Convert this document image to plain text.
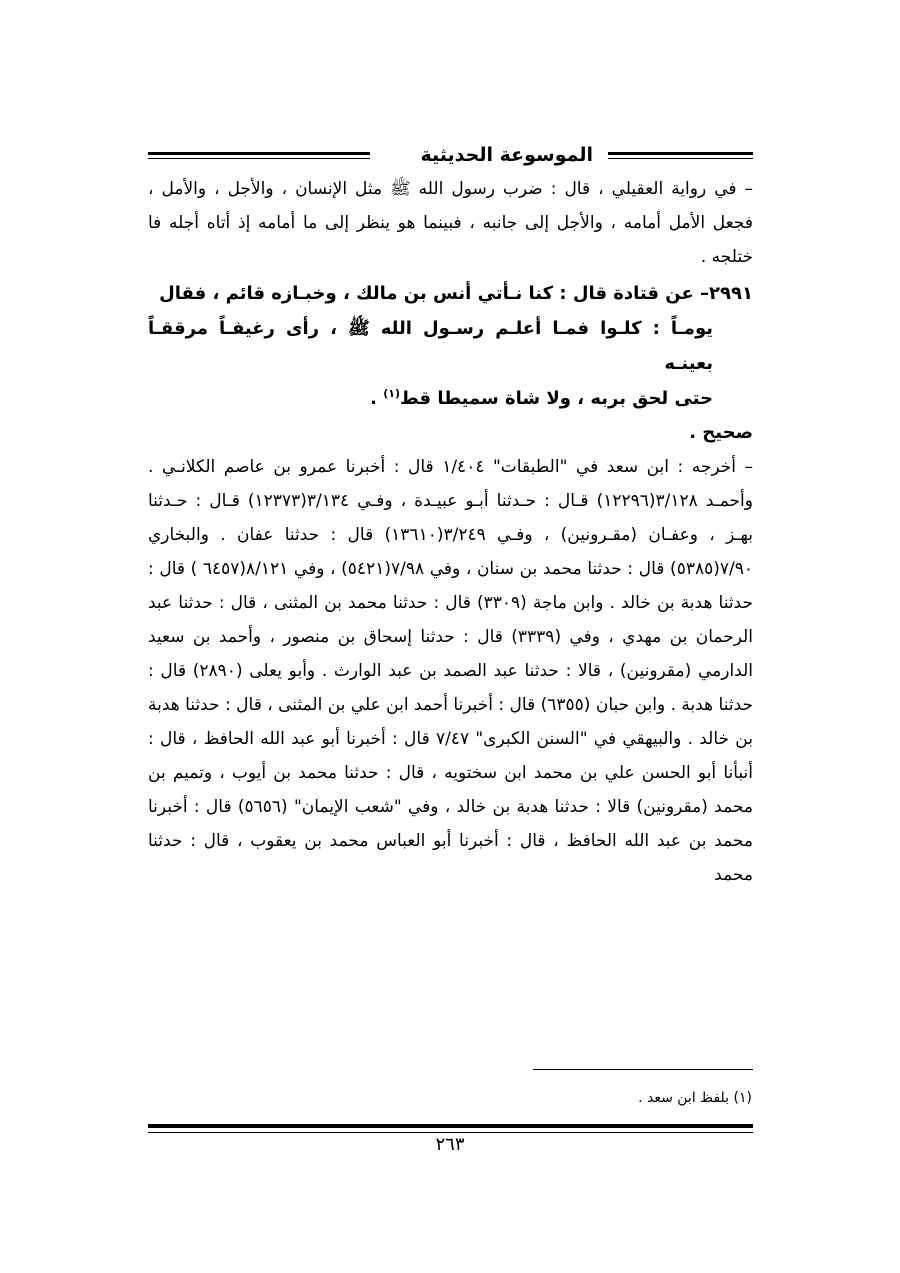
الموسوعة الحديثية

– في رواية العقيلي ، قال : ضرب رسول الله ﷺ مثل الإنسان ، والأجل ، والأمل ، فجعل الأمل أمامه ، والأجل إلى جانبه ، فبينما هو ينظر إلى ما أمامه إذ أتاه أجله فا ختلجه .

٢٩٩١– عن قتادة قال : كنا نـأتي أنس بن مالك ، وخبـازه قائم ، فقال
يومـاً : كلـوا فمـا أعلـم رسـول الله ﷺ ، رأى رغيفـاً مرققـاً بعينـه
حتى لحق بربه ، ولا شاة سميطا قط$^{(١)}$ .

صحيح .

– أخرجه : ابن سعد في "الطبقات" ١/٤٠٤ قال : أخبرنا عمرو بن عاصم الكلانـي . وأحمـد ٣/١٢٨(١٢٢٩٦) قـال : حـدثنا أبـو عبيـدة ، وفـي ٣/١٣٤(١٢٣٧٣) قـال : حـدثنا بهـز ، وعفـان (مقـرونين) ، وفـي ٣/٢٤٩(١٣٦١٠) قال : حدثنا عفان . والبخاري ٧/٩٠(٥٣٨٥) قال : حدثنا محمد بن سنان ، وفي ٧/٩٨(٥٤٢١) ، وفي ٨/١٢١(٦٤٥٧ ) قال : حدثنا هدبة بن خالد . وابن ماجة (٣٣٠٩) قال : حدثنا محمد بن المثنى ، قال : حدثنا عبد الرحمان بن مهدي ، وفي (٣٣٣٩) قال : حدثنا إسحاق بن منصور ، وأحمد بن سعيد الدارمي (مقرونين) ، قالا : حدثنا عبد الصمد بن عبد الوارث . وأبو يعلى (٢٨٩٠) قال : حدثنا هدبة . وابن حبان (٦٣٥٥) قال : أخبرنا أحمد ابن علي بن المثنى ، قال : حدثنا هدبة بن خالد . والبيهقي في "السنن الكبرى" ٧/٤٧ قال : أخبرنا أبو عبد الله الحافظ ، قال : أنبأنا أبو الحسن علي بن محمد ابن سختويه ، قال : حدثنا محمد بن أيوب ، وتميم بن محمد (مقرونين) قالا : حدثنا هدبة بن خالد ، وفي "شعب الإيمان" (٥٦٥٦) قال : أخبرنا محمد بن عبد الله الحافظ ، قال : أخبرنا أبو العباس محمد بن يعقوب ، قال : حدثنا محمد

(١) بلفظ ابن سعد .
٢٦٣
